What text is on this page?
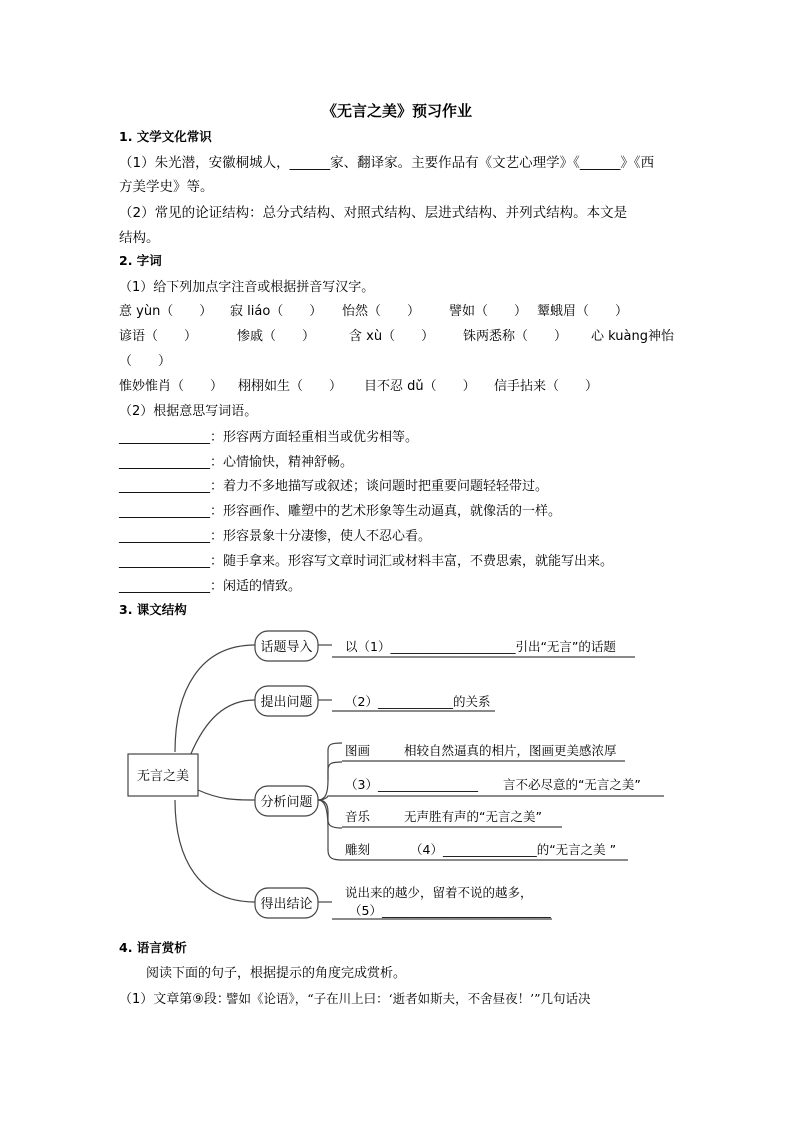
《无言之美》预习作业
1. 文学文化常识
（1）朱光潜，安徽桐城人，______家、翻译家。主要作品有《文艺心理学》《______》《西
方美学史》等。
（2）常见的论证结构：总分式结构、对照式结构、层进式结构、并列式结构。本文是
结构。
2. 字词
（1）给下列加点字注音或根据拼音写汉字。
意 yùn（　　） 寂 liáo（　　） 怡然（　　） 譬如（　　） 颦蛾眉（　　）
谚语（　　）	惨戚（　　）	含 xù（　　） 铢两悉称（　　） 心 kuàng神怡
（　　）
惟妙惟肖（　　） 栩栩如生（　　） 目不忍 dǔ（　　） 信手拈来（　　）
（2）根据意思写词语。
______________：形容两方面轻重相当或优劣相等。
______________：心情愉快，精神舒畅。
______________：着力不多地描写或叙述；谈问题时把重要问题轻轻带过。
______________：形容画作、雕塑中的艺术形象等生动逼真，就像活的一样。
______________：形容景象十分凄惨，使人不忍心看。
______________：随手拿来。形容写文章时词汇或材料丰富，不费思索，就能写出来。
______________：闲适的情致。
3. 课文结构
无言之美
话题导入
提出问题
分析问题
得出结论
以（1）____________________引出“无言”的话题
（2）____________的关系
图画	相较自然逼真的相片，图画更美感浓厚
（3）________________　　言不必尽意的“无言之美”
音乐	无声胜有声的“无言之美”
雕刻	（4）_______________的“无言之美 ”
说出来的越少，留着不说的越多，
（5）___________________________
4. 语言赏析
阅读下面的句子，根据提示的角度完成赏析。
（1）文章第⑨段：
譬如《论语》，“子在川上曰：‘逝者如斯夫，不舍昼夜！’”几句话决
